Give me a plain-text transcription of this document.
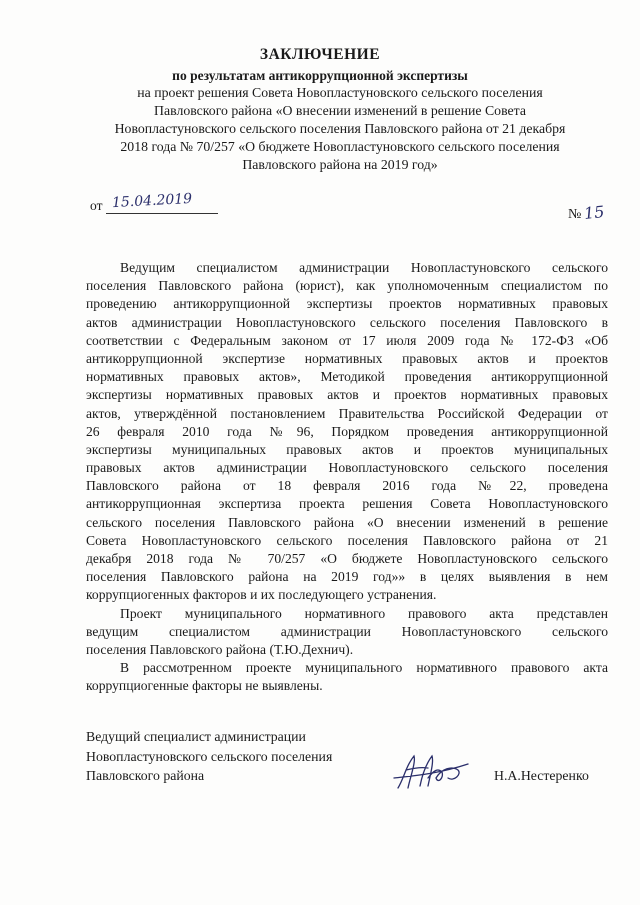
ЗАКЛЮЧЕНИЕ
по результатам антикоррупционной экспертизы
на проект решения Совета Новопластуновского сельского поселения
Павловского района «О внесении изменений в решение Совета
Новопластуновского сельского поселения Павловского района от 21 декабря
2018 года № 70/257 «О бюджете Новопластуновского сельского поселения
Павловского района на 2019 год»
от 15.04.2019
№ 15
Ведущим специалистом администрации Новопластуновского сельского
поселения Павловского района (юрист), как уполномоченным специалистом по
проведению антикоррупционной экспертизы проектов нормативных правовых
актов администрации Новопластуновского сельского поселения Павловского в
соответствии с Федеральным законом от 17 июля 2009 года № 172-ФЗ «Об
антикоррупционной экспертизе нормативных правовых актов и проектов
нормативных правовых актов», Методикой проведения антикоррупционной
экспертизы нормативных правовых актов и проектов нормативных правовых
актов, утверждённой постановлением Правительства Российской Федерации от
26 февраля 2010 года №96, Порядком проведения антикоррупционной
экспертизы муниципальных правовых актов и проектов муниципальных
правовых актов администрации Новопластуновского сельского поселения
Павловского района от 18 февраля 2016 года №22, проведена
антикоррупционная экспертиза проекта решения Совета Новопластуновского
сельского поселения Павловского района «О внесении изменений в решение
Совета Новопластуновского сельского поселения Павловского района от 21
декабря 2018 года № 70/257 «О бюджете Новопластуновского сельского
поселения Павловского района на 2019 год»» в целях выявления в нем
коррупциогенных факторов и их последующего устранения.
Проект муниципального нормативного правового акта представлен
ведущим специалистом администрации Новопластуновского сельского
поселения Павловского района (Т.Ю.Дехнич).
В рассмотренном проекте муниципального нормативного правового акта
коррупциогенные факторы не выявлены.
Ведущий специалист администрации
Новопластуновского сельского поселения
Павловского района	Н.А.Нестеренко
